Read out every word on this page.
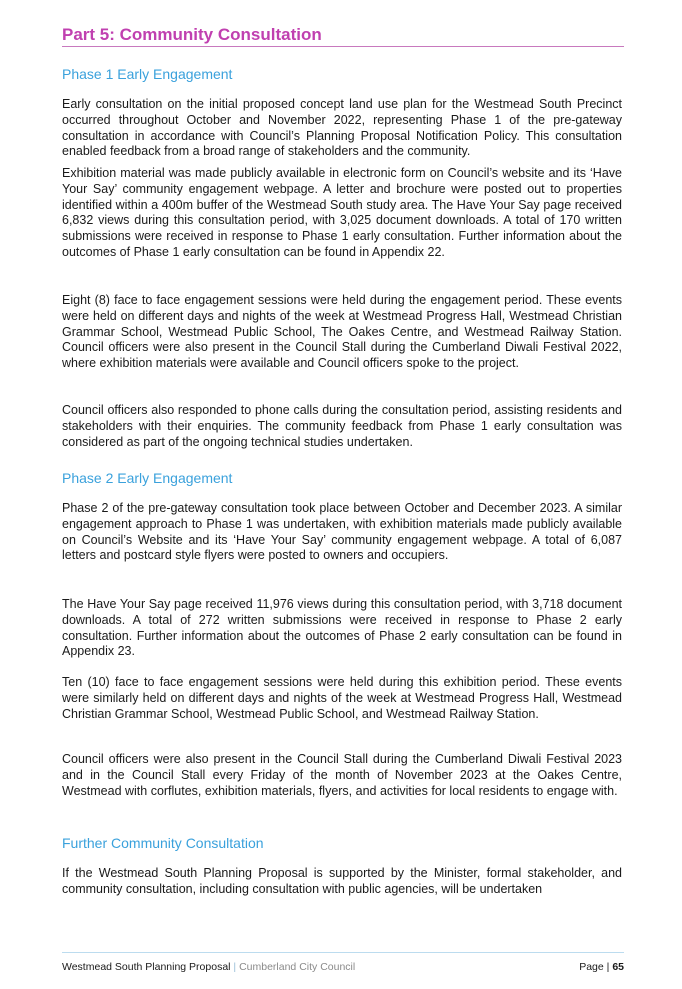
Part 5: Community Consultation
Phase 1 Early Engagement

Early consultation on the initial proposed concept land use plan for the Westmead South Precinct occurred throughout October and November 2022, representing Phase 1 of the pre-gateway consultation in accordance with Council’s Planning Proposal Notification Policy. This consultation enabled feedback from a broad range of stakeholders and the community.

Exhibition material was made publicly available in electronic form on Council’s website and its ‘Have Your Say’ community engagement webpage. A letter and brochure were posted out to properties identified within a 400m buffer of the Westmead South study area. The Have Your Say page received 6,832 views during this consultation period, with 3,025 document downloads. A total of 170 written submissions were received in response to Phase 1 early consultation. Further information about the outcomes of Phase 1 early consultation can be found in Appendix 22.

Eight (8) face to face engagement sessions were held during the engagement period. These events were held on different days and nights of the week at Westmead Progress Hall, Westmead Christian Grammar School, Westmead Public School, The Oakes Centre, and Westmead Railway Station. Council officers were also present in the Council Stall during the Cumberland Diwali Festival 2022, where exhibition materials were available and Council officers spoke to the project.

Council officers also responded to phone calls during the consultation period, assisting residents and stakeholders with their enquiries. The community feedback from Phase 1 early consultation was considered as part of the ongoing technical studies undertaken.

Phase 2 Early Engagement

Phase 2 of the pre-gateway consultation took place between October and December 2023. A similar engagement approach to Phase 1 was undertaken, with exhibition materials made publicly available on Council’s Website and its ‘Have Your Say’ community engagement webpage. A total of 6,087 letters and postcard style flyers were posted to owners and occupiers.

The Have Your Say page received 11,976 views during this consultation period, with 3,718 document downloads. A total of 272 written submissions were received in response to Phase 2 early consultation. Further information about the outcomes of Phase 2 early consultation can be found in Appendix 23.

Ten (10) face to face engagement sessions were held during this exhibition period. These events were similarly held on different days and nights of the week at Westmead Progress Hall, Westmead Christian Grammar School, Westmead Public School, and Westmead Railway Station.

Council officers were also present in the Council Stall during the Cumberland Diwali Festival 2023 and in the Council Stall every Friday of the month of November 2023 at the Oakes Centre, Westmead with corflutes, exhibition materials, flyers, and activities for local residents to engage with.

Further Community Consultation

If the Westmead South Planning Proposal is supported by the Minister, formal stakeholder, and community consultation, including consultation with public agencies, will be undertaken

Westmead South Planning Proposal | Cumberland City Council	Page | 65
